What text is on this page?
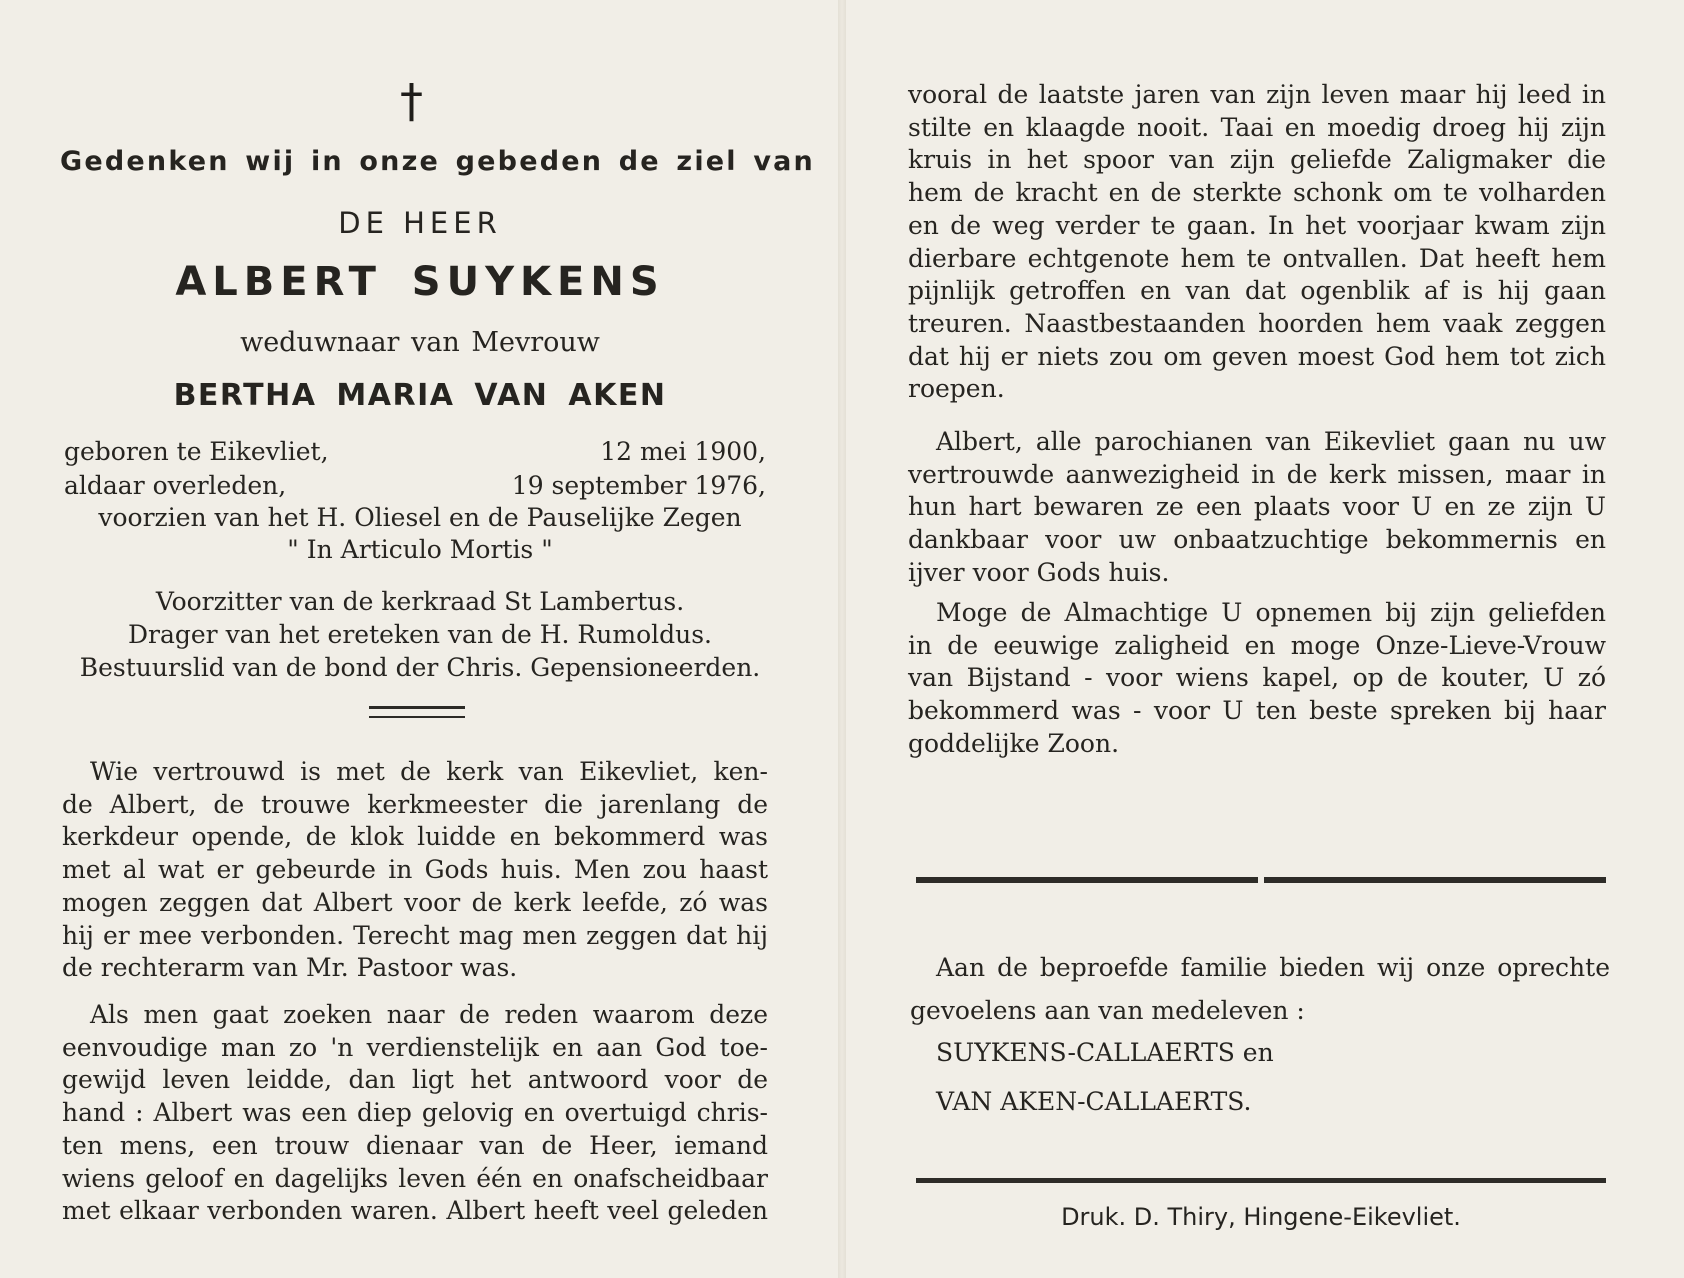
†

Gedenken wij in onze gebeden de ziel van

DE HEER

ALBERT SUYKENS

weduwnaar van Mevrouw

BERTHA MARIA VAN AKEN

geboren te Eikevliet,	12 mei 1900,

aldaar overleden,	19 september 1976,

voorzien van het H. Oliesel en de Pauselijke Zegen

" In Articulo Mortis "

Voorzitter van de kerkraad St Lambertus.
Drager van het ereteken van de H. Rumoldus.
Bestuurslid van de bond der Chris. Gepensioneerden.

Wie vertrouwd is met de kerk van Eikevliet, ken-
de Albert, de trouwe kerkmeester die jarenlang de
kerkdeur opende, de klok luidde en bekommerd was
met al wat er gebeurde in Gods huis. Men zou haast
mogen zeggen dat Albert voor de kerk leefde, zó was
hij er mee verbonden. Terecht mag men zeggen dat hij
de rechterarm van Mr. Pastoor was.

Als men gaat zoeken naar de reden waarom deze
eenvoudige man zo 'n verdienstelijk en aan God toe-
gewijd leven leidde, dan ligt het antwoord voor de
hand : Albert was een diep gelovig en overtuigd chris-
ten mens, een trouw dienaar van de Heer, iemand
wiens geloof en dagelijks leven één en onafscheidbaar
met elkaar verbonden waren. Albert heeft veel geleden

vooral de laatste jaren van zijn leven maar hij leed in
stilte en klaagde nooit. Taai en moedig droeg hij zijn
kruis in het spoor van zijn geliefde Zaligmaker die
hem de kracht en de sterkte schonk om te volharden
en de weg verder te gaan. In het voorjaar kwam zijn
dierbare echtgenote hem te ontvallen. Dat heeft hem
pijnlijk getroffen en van dat ogenblik af is hij gaan
treuren. Naastbestaanden hoorden hem vaak zeggen
dat hij er niets zou om geven moest God hem tot zich
roepen.

Albert, alle parochianen van Eikevliet gaan nu uw
vertrouwde aanwezigheid in de kerk missen, maar in
hun hart bewaren ze een plaats voor U en ze zijn U
dankbaar voor uw onbaatzuchtige bekommernis en
ijver voor Gods huis.

Moge de Almachtige U opnemen bij zijn geliefden
in de eeuwige zaligheid en moge Onze-Lieve-Vrouw
van Bijstand - voor wiens kapel, op de kouter, U zó
bekommerd was - voor U ten beste spreken bij haar
goddelijke Zoon.

Aan de beproefde familie bieden wij onze oprechte
gevoelens aan van medeleven :

SUYKENS-CALLAERTS en

VAN AKEN-CALLAERTS.

Druk. D. Thiry, Hingene-Eikevliet.
